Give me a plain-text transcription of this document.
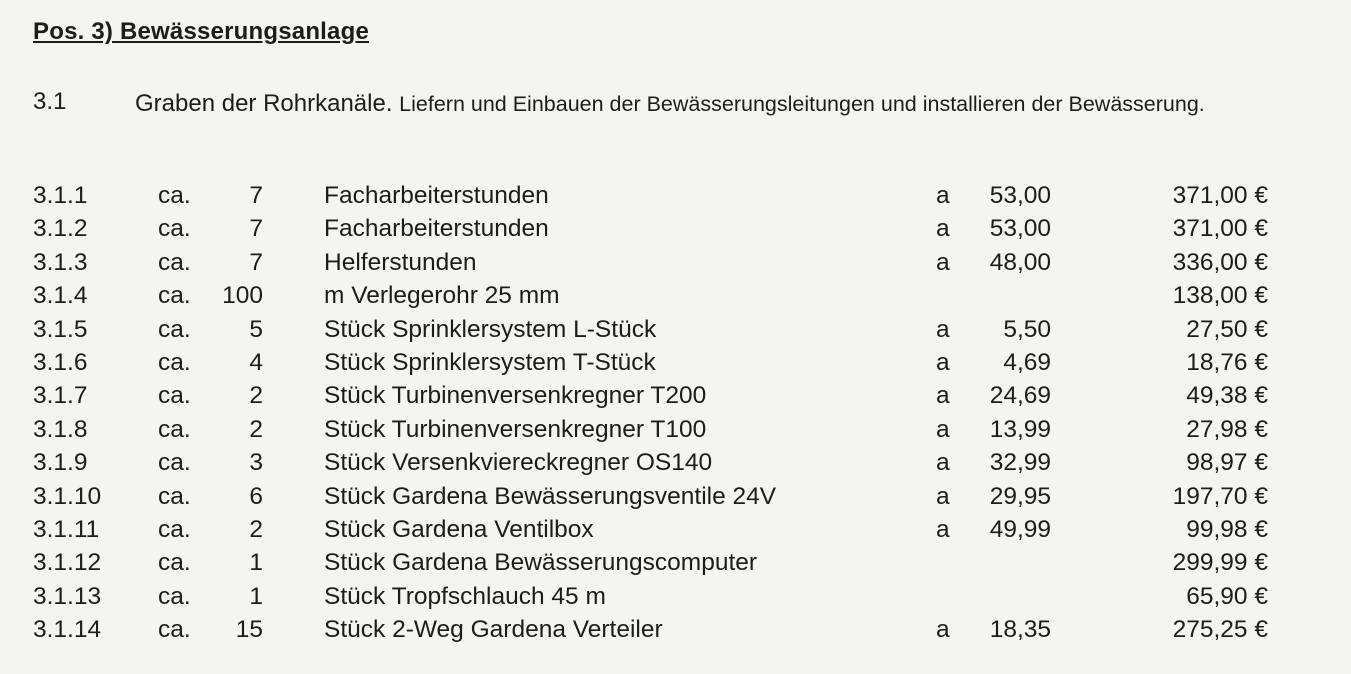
Pos. 3) Bewässerungsanlage
3.1	Graben der Rohrkanäle. Liefern und Einbauen der Bewässerungsleitungen und installieren der Bewässerung.
3.1.1	ca. 7 Facharbeiterstunden	a 53,00	371,00 €
3.1.2	ca. 7 Facharbeiterstunden	a 53,00	371,00 €
3.1.3	ca. 7 Helferstunden	a 48,00	336,00 €
3.1.4	ca. 100 m Verlegerohr 25 mm	138,00 €
3.1.5	ca. 5 Stück Sprinklersystem L-Stück	a 5,50	27,50 €
3.1.6	ca. 4 Stück Sprinklersystem T-Stück	a 4,69	18,76 €
3.1.7	ca. 2 Stück Turbinenversenkregner T200	a 24,69	49,38 €
3.1.8	ca. 2 Stück Turbinenversenkregner T100	a 13,99	27,98 €
3.1.9	ca. 3 Stück Versenkviereckregner OS140	a 32,99	98,97 €
3.1.10 ca. 6 Stück Gardena Bewässerungsventile 24V	a 29,95	197,70 €
3.1.11 ca. 2 Stück Gardena Ventilbox	a 49,99	99,98 €
3.1.12 ca. 1 Stück Gardena Bewässerungscomputer	299,99 €
3.1.13 ca. 1 Stück Tropfschlauch 45 m	65,90 €
3.1.14 ca. 15 Stück 2-Weg Gardena Verteiler	a 18,35	275,25 €
